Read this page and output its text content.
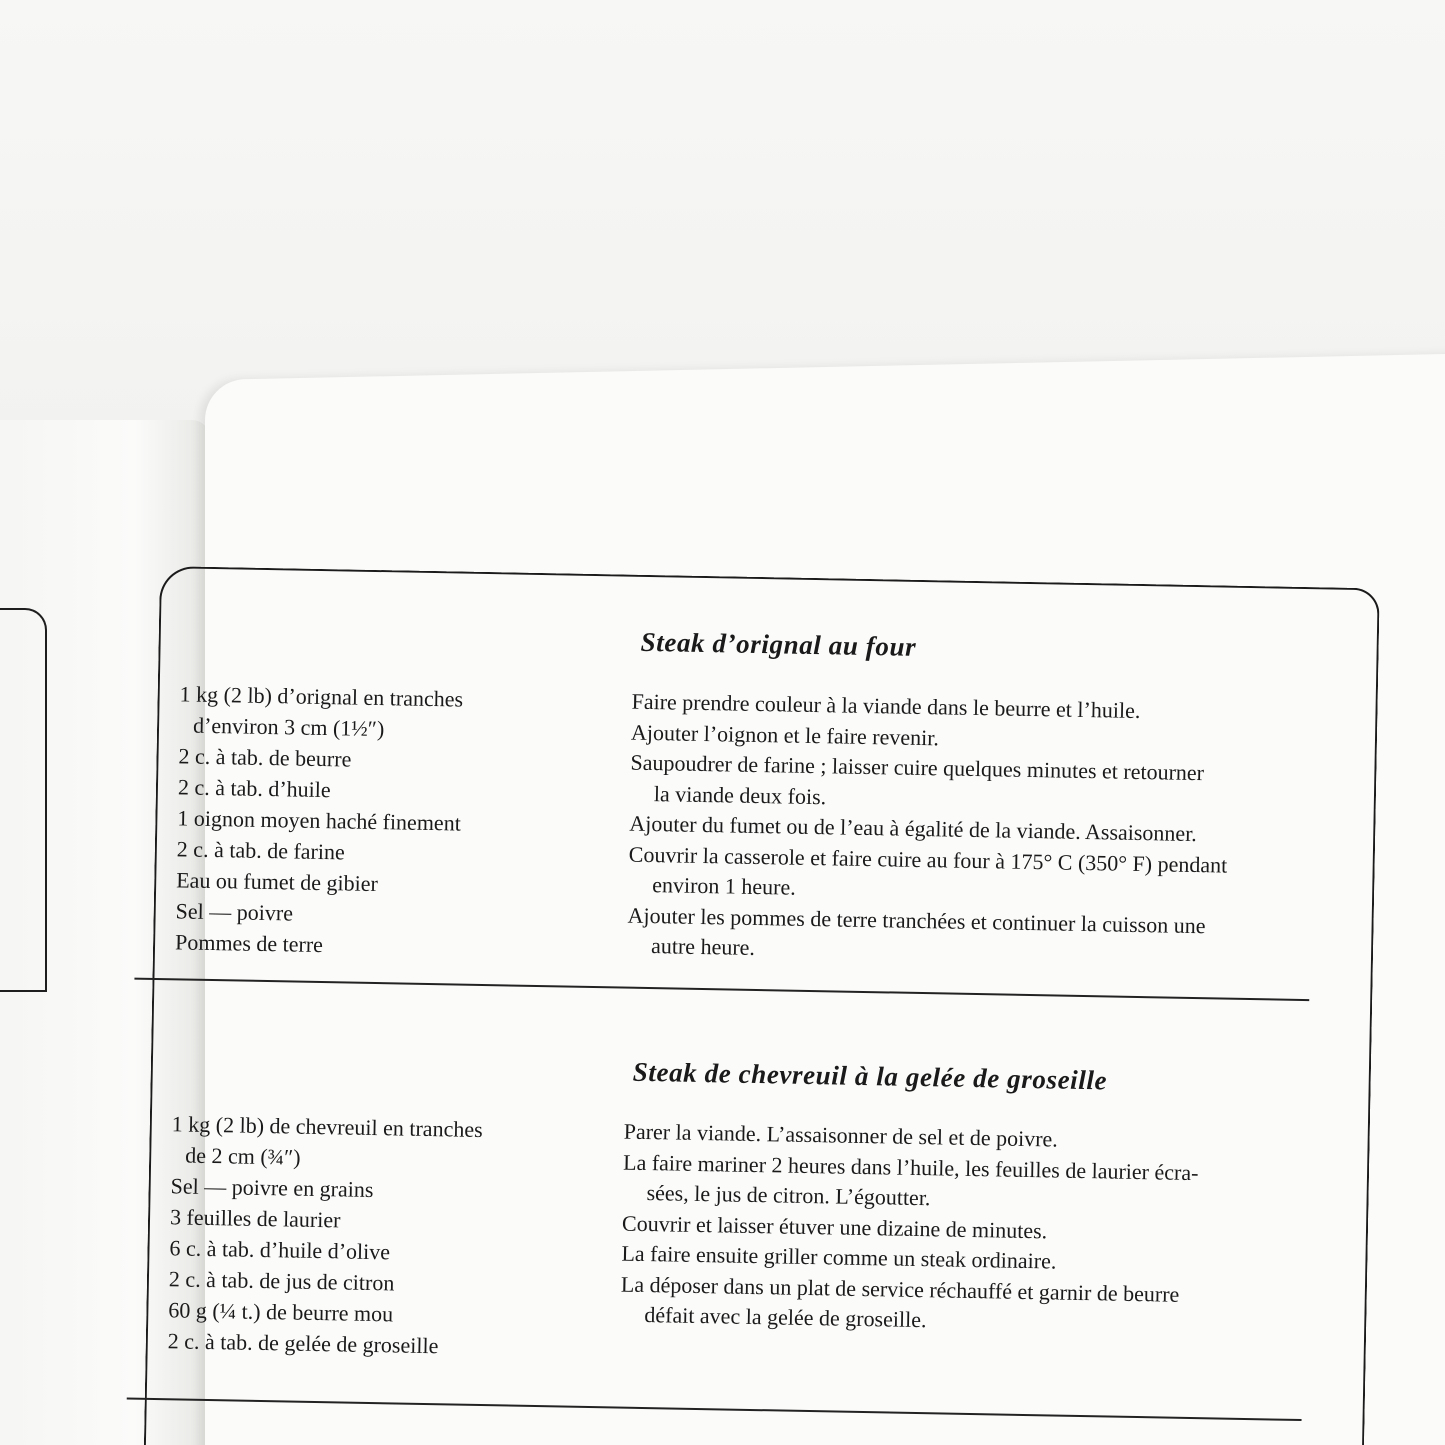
Steak d’orignal au four
1 kg (2 lb) d’orignal en tranches
d’environ 3 cm (1½″)
2 c. à tab. de beurre
2 c. à tab. d’huile
1 oignon moyen haché finement
2 c. à tab. de farine
Eau ou fumet de gibier
Sel — poivre
Pommes de terre
Faire prendre couleur à la viande dans le beurre et l’huile.
Ajouter l’oignon et le faire revenir.
Saupoudrer de farine ; laisser cuire quelques minutes et retourner
la viande deux fois.
Ajouter du fumet ou de l’eau à égalité de la viande. Assaisonner.
Couvrir la casserole et faire cuire au four à 175° C (350° F) pendant
environ 1 heure.
Ajouter les pommes de terre tranchées et continuer la cuisson une
autre heure.
Steak de chevreuil à la gelée de groseille
1 kg (2 lb) de chevreuil en tranches
de 2 cm (¾″)
Sel — poivre en grains
3 feuilles de laurier
6 c. à tab. d’huile d’olive
2 c. à tab. de jus de citron
60 g (¼ t.) de beurre mou
2 c. à tab. de gelée de groseille
Parer la viande. L’assaisonner de sel et de poivre.
La faire mariner 2 heures dans l’huile, les feuilles de laurier écra-
sées, le jus de citron. L’égoutter.
Couvrir et laisser étuver une dizaine de minutes.
La faire ensuite griller comme un steak ordinaire.
La déposer dans un plat de service réchauffé et garnir de beurre
défait avec la gelée de groseille.
